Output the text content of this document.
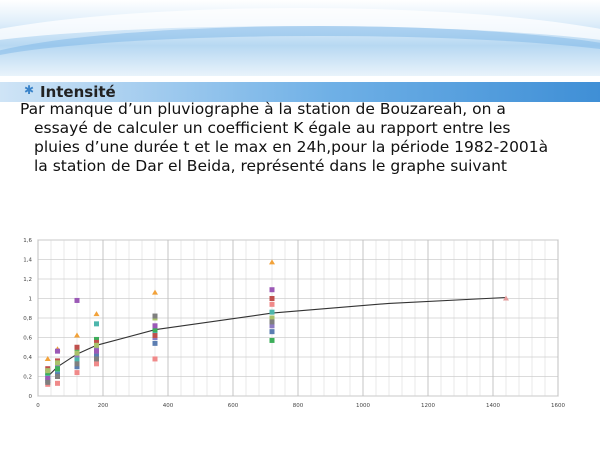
✱ Intensité
Par manque d’un pluviographe à la station de Bouzareah, on a
essayé de calculer un coefficient K égale au rapport entre les
pluies d’une durée t et le max en 24h,pour la période 1982-2001à
la station de Dar el Beida, représenté dans le graphe suivant
0
0,2
0,4
0,6
0,8
1
1,2
1,4
1,6
0	200	400	600	800	1000	1200	1400	1600
